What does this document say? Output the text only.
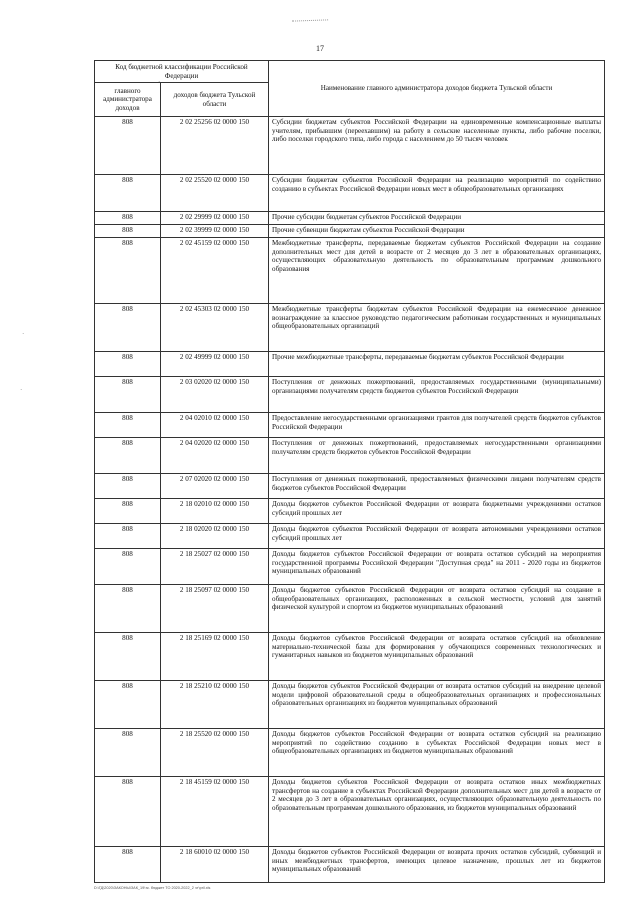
·
·
·
17
Код бюджетной классификации Российской Федерации		Наименование главного администратора доходов бюджета Тульской области
главного администратора доходов	доходов бюджета Тульской области	
808	2 02 25256 02 0000 150	Субсидии бюджетам субъектов Российской Федерации на единовременные компенсационные выплаты учителям, прибывшим (переехавшим) на работу в сельские населенные пункты, либо рабочие поселки, либо поселки городского типа, либо города с населением до 50 тысяч человек
808	2 02 25520 02 0000 150	Субсидии бюджетам субъектов Российской Федерации на реализацию мероприятий по содействию созданию в субъектах Российской Федерации новых мест в общеобразовательных организациях
808	2 02 29999 02 0000 150	Прочие субсидии бюджетам субъектов Российской Федерации
808	2 02 39999 02 0000 150	Прочие субвенции бюджетам субъектов Российской Федерации
808	2 02 45159 02 0000 150	Межбюджетные трансферты, передаваемые бюджетам субъектов Российской Федерации на создание дополнительных мест для детей в возрасте от 2 месяцев до 3 лет в образовательных организациях, осуществляющих образовательную деятельность по образовательным программам дошкольного образования
808	2 02 45303 02 0000 150	Межбюджетные трансферты бюджетам субъектов Российской Федерации на ежемесячное денежное вознаграждение за классное руководство педагогическим работникам государственных и муниципальных общеобразовательных организаций
808	2 02 49999 02 0000 150	Прочие межбюджетные трансферты, передаваемые бюджетам субъектов Российской Федерации
808	2 03 02020 02 0000 150	Поступления от денежных пожертвований, предоставляемых государственными (муниципальными) организациями получателям средств бюджетов субъектов Российской Федерации
808	2 04 02010 02 0000 150	Предоставление негосударственными организациями грантов для получателей средств бюджетов субъектов Российской Федерации
808	2 04 02020 02 0000 150	Поступления от денежных пожертвований, предоставляемых негосударственными организациями получателям средств бюджетов субъектов Российской Федерации
808	2 07 02020 02 0000 150	Поступления от денежных пожертвований, предоставляемых физическими лицами получателям средств бюджетов субъектов Российской Федерации
808	2 18 02010 02 0000 150	Доходы бюджетов субъектов Российской Федерации от возврата бюджетными учреждениями остатков субсидий прошлых лет
808	2 18 02020 02 0000 150	Доходы бюджетов субъектов Российской Федерации от возврата автономными учреждениями остатков субсидий прошлых лет
808	2 18 25027 02 0000 150	Доходы бюджетов субъектов Российской Федерации от возврата остатков субсидий на мероприятия государственной программы Российской Федерации "Доступная среда" на 2011 - 2020 годы из бюджетов муниципальных образований
808	2 18 25097 02 0000 150	Доходы бюджетов субъектов Российской Федерации от возврата остатков субсидий на создание в общеобразовательных организациях, расположенных в сельской местности, условий для занятий физической культурой и спортом из бюджетов муниципальных образований
808	2 18 25169 02 0000 150	Доходы бюджетов субъектов Российской Федерации от возврата остатков субсидий на обновление материально-технической базы для формирования у обучающихся современных технологических и гуманитарных навыков из бюджетов муниципальных образований
808	2 18 25210 02 0000 150	Доходы бюджетов субъектов Российской Федерации от возврата остатков субсидий на внедрение целевой модели цифровой образовательной среды в общеобразовательных организациях и профессиональных образовательных организациях из бюджетов муниципальных образований
808	2 18 25520 02 0000 150	Доходы бюджетов субъектов Российской Федерации от возврата остатков субсидий на реализацию мероприятий по содействию созданию в субъектах Российской Федерации новых мест в общеобразовательных организациях из бюджетов муниципальных образований
808	2 18 45159 02 0000 150	Доходы бюджетов субъектов Российской Федерации от возврата остатков иных межбюджетных трансфертов на создание в субъектах Российской Федерации дополнительных мест для детей в возрасте от 2 месяцев до 3 лет в образовательных организациях, осуществляющих образовательную деятельность по образовательным программам дошкольного образования, из бюджетов муниципальных образований
808	2 18 60010 02 0000 150	Доходы бюджетов субъектов Российской Федерации от возврата прочих остатков субсидий, субвенций и иных межбюджетных трансфертов, имеющих целевое назначение, прошлых лет из бюджетов муниципальных образований
D:\ГД\2020\ЗАКОНЫ\ЗАК_19\тк. бюджет ТО 2020-2022_2 чт\pril.xls
